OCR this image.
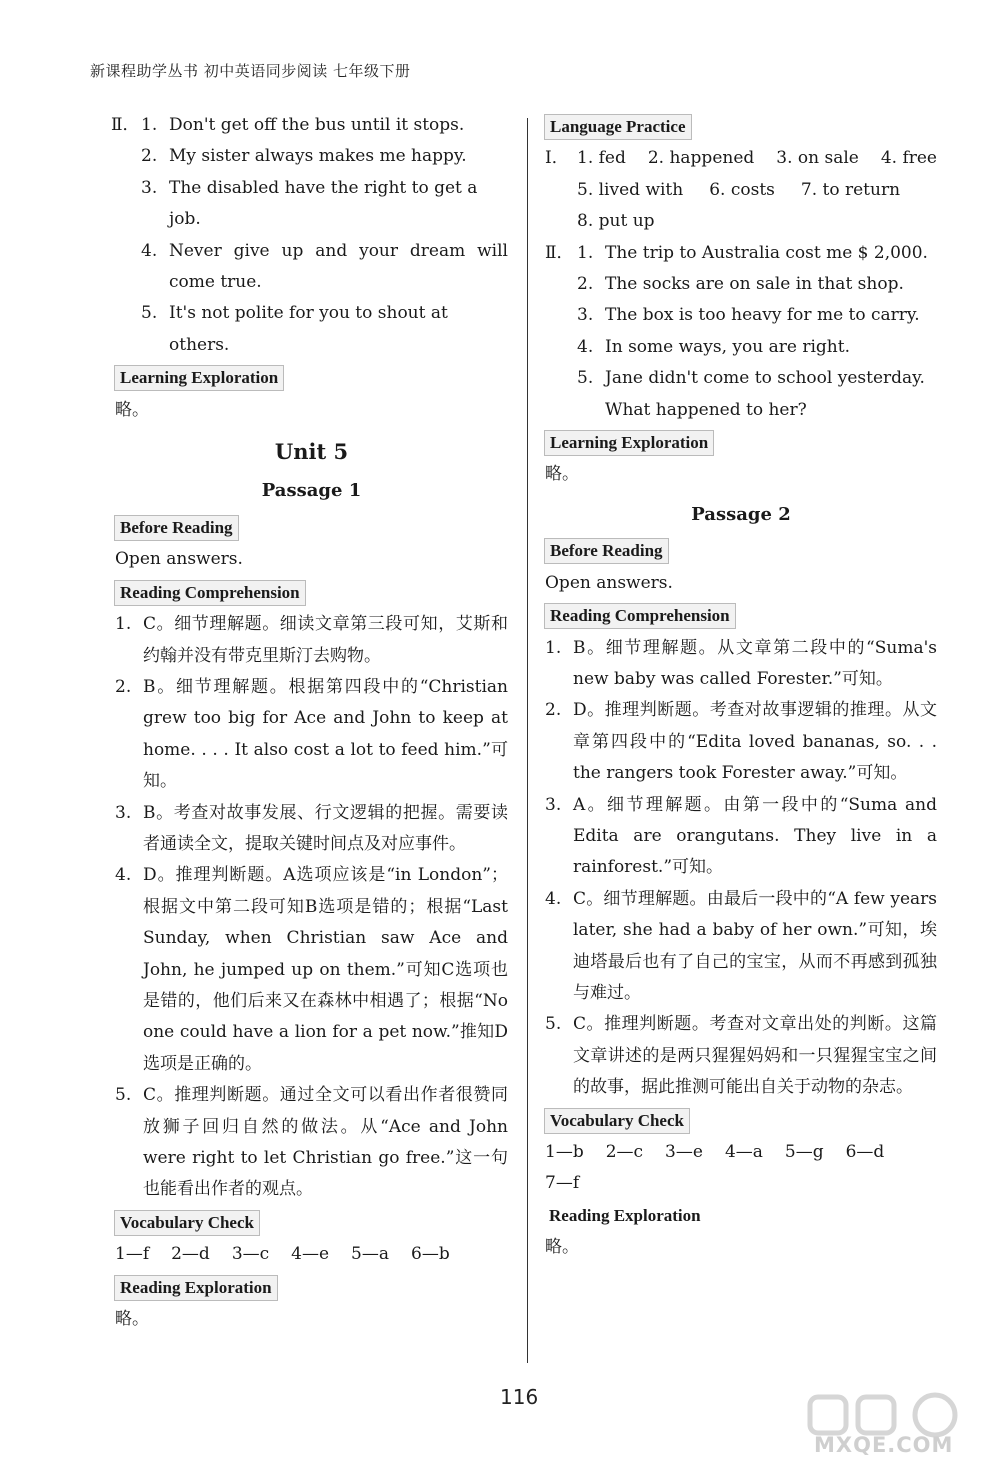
新课程助学丛书 初中英语同步阅读 七年级下册
Ⅱ． 1. Don't get off the bus until it stops.
2. My sister always makes me happy.
3. The disabled have the right to get a job.
4. Never give up and your dream will come true.
5. It's not polite for you to shout at others.
Learning Exploration
略。
Unit 5
Passage 1
Before Reading
Open answers.
Reading Comprehension
1. C。细节理解题。细读文章第三段可知，艾斯和约翰并没有带克里斯汀去购物。
2. B。细节理解题。根据第四段中的“Christian grew too big for Ace and John to keep at home. . . . It also cost a lot to feed him.”可知。
3. B。考查对故事发展、行文逻辑的把握。需要读者通读全文，提取关键时间点及对应事件。
4. D。推理判断题。A选项应该是“in London”；根据文中第二段可知B选项是错的；根据“Last Sunday, when Christian saw Ace and John, he jumped up on them.”可知C选项也是错的，他们后来又在森林中相遇了；根据“No one could have a lion for a pet now.”推知D选项是正确的。
5. C。推理判断题。通过全文可以看出作者很赞同放狮子回归自然的做法。从“Ace and John were right to let Christian go free.”这一句也能看出作者的观点。
Vocabulary Check
1—f 2—d 3—c 4—e 5—a 6—b
Reading Exploration
略。
Language Practice
Ⅰ． 1. fed 2. happened 3. on sale 4. free
5. lived with 6. costs 7. to return
8. put up
Ⅱ． 1. The trip to Australia cost me $ 2,000.
2. The socks are on sale in that shop.
3. The box is too heavy for me to carry.
4. In some ways, you are right.
5. Jane didn't come to school yesterday. What happened to her?
Learning Exploration
略。
Passage 2
Before Reading
Open answers.
Reading Comprehension
1. B。细节理解题。从文章第二段中的“Suma's new baby was called Forester.”可知。
2. D。推理判断题。考查对故事逻辑的推理。从文章第四段中的“Edita loved bananas, so. . . the rangers took Forester away.”可知。
3. A。细节理解题。由第一段中的“Suma and Edita are orangutans. They live in a rainforest.”可知。
4. C。细节理解题。由最后一段中的“A few years later, she had a baby of her own.”可知，埃迪塔最后也有了自己的宝宝，从而不再感到孤独与难过。
5. C。推理判断题。考查对文章出处的判断。这篇文章讲述的是两只猩猩妈妈和一只猩猩宝宝之间的故事，据此推测可能出自关于动物的杂志。
Vocabulary Check
1—b 2—c 3—e 4—a 5—g 6—d
7—f
Reading Exploration
略。
116
MXQE.COM
